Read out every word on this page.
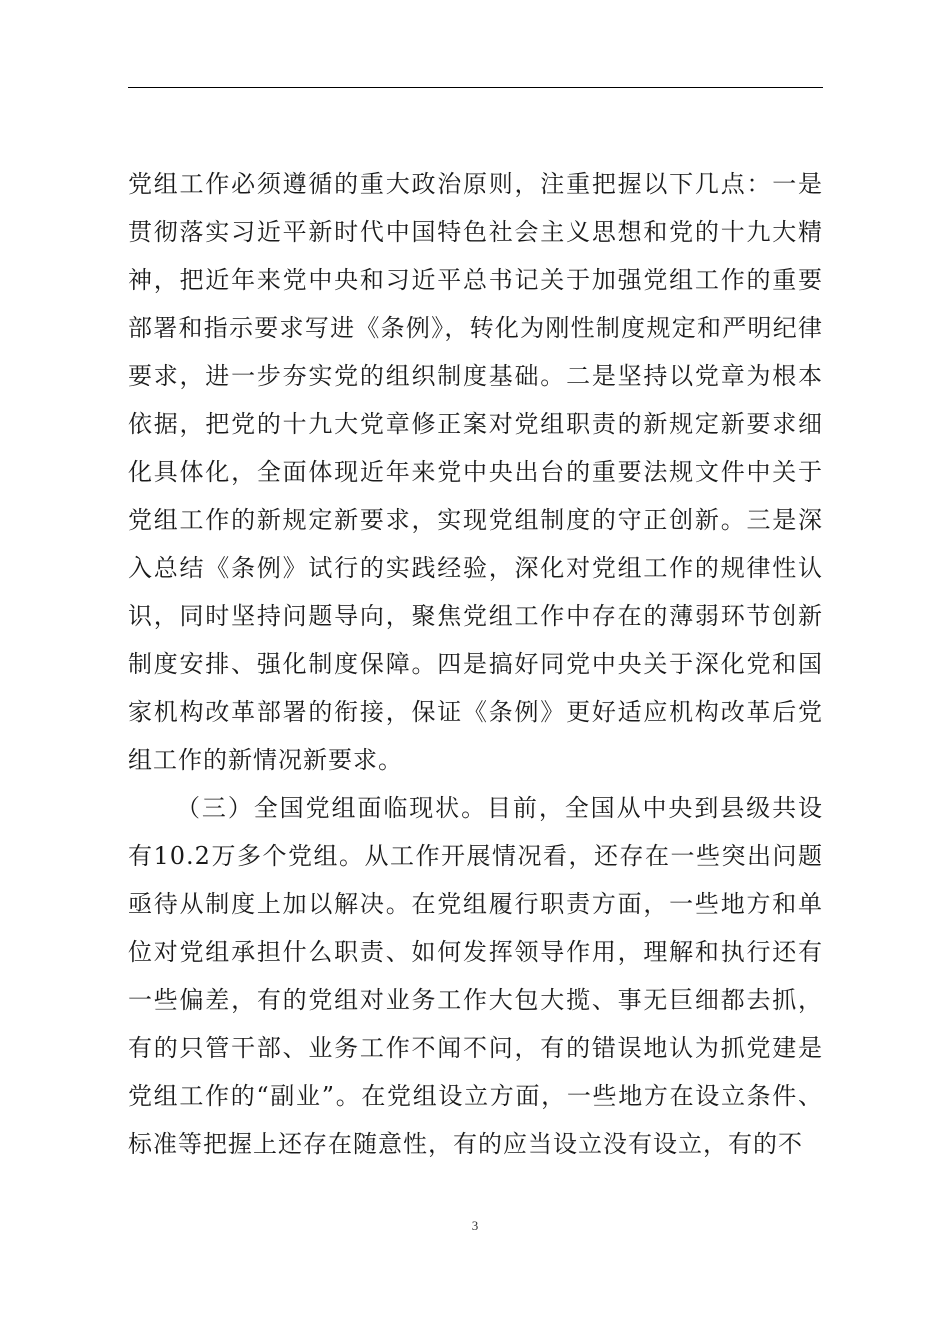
党组工作必须遵循的重大政治原则，注重把握以下几点：一是贯彻落实习近平新时代中国特色社会主义思想和党的十九大精神，把近年来党中央和习近平总书记关于加强党组工作的重要部署和指示要求写进《条例》，转化为刚性制度规定和严明纪律要求，进一步夯实党的组织制度基础。二是坚持以党章为根本依据，把党的十九大党章修正案对党组职责的新规定新要求细化具体化，全面体现近年来党中央出台的重要法规文件中关于党组工作的新规定新要求，实现党组制度的守正创新。三是深入总结《条例》试行的实践经验，深化对党组工作的规律性认识，同时坚持问题导向，聚焦党组工作中存在的薄弱环节创新制度安排、强化制度保障。四是搞好同党中央关于深化党和国家机构改革部署的衔接，保证《条例》更好适应机构改革后党组工作的新情况新要求。

（三）全国党组面临现状。目前，全国从中央到县级共设有10.2万多个党组。从工作开展情况看，还存在一些突出问题亟待从制度上加以解决。在党组履行职责方面，一些地方和单位对党组承担什么职责、如何发挥领导作用，理解和执行还有一些偏差，有的党组对业务工作大包大揽、事无巨细都去抓，有的只管干部、业务工作不闻不问，有的错误地认为抓党建是党组工作的“副业”。在党组设立方面，一些地方在设立条件、标准等把握上还存在随意性，有的应当设立没有设立，有的不

3
